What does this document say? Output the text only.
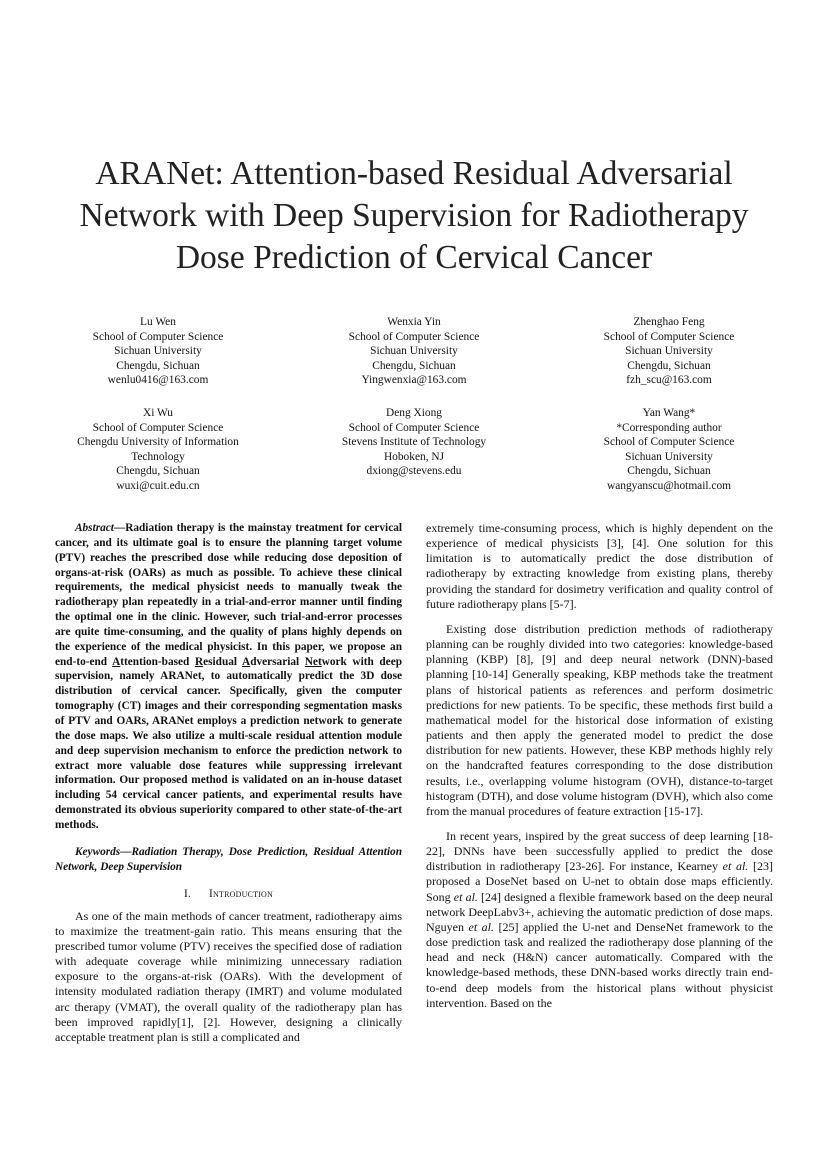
ARANet: Attention-based Residual Adversarial Network with Deep Supervision for Radiotherapy Dose Prediction of Cervical Cancer
Lu Wen
School of Computer Science
Sichuan University
Chengdu, Sichuan
wenlu0416@163.com
Wenxia Yin
School of Computer Science
Sichuan University
Chengdu, Sichuan
Yingwenxia@163.com
Zhenghao Feng
School of Computer Science
Sichuan University
Chengdu, Sichuan
fzh_scu@163.com
Xi Wu
School of Computer Science
Chengdu University of Information
Technology
Chengdu, Sichuan
wuxi@cuit.edu.cn
Deng Xiong
School of Computer Science
Stevens Institute of Technology
Hoboken, NJ
dxiong@stevens.edu
Yan Wang*
*Corresponding author
School of Computer Science
Sichuan University
Chengdu, Sichuan
wangyanscu@hotmail.com

Abstract—Radiation therapy is the mainstay treatment for cervical cancer, and its ultimate goal is to ensure the planning target volume (PTV) reaches the prescribed dose while reducing dose deposition of organs-at-risk (OARs) as much as possible. To achieve these clinical requirements, the medical physicist needs to manually tweak the radiotherapy plan repeatedly in a trial-and-error manner until finding the optimal one in the clinic. However, such trial-and-error processes are quite time-consuming, and the quality of plans highly depends on the experience of the medical physicist. In this paper, we propose an end-to-end Attention-based Residual Adversarial Network with deep supervision, namely ARANet, to automatically predict the 3D dose distribution of cervical cancer. Specifically, given the computer tomography (CT) images and their corresponding segmentation masks of PTV and OARs, ARANet employs a prediction network to generate the dose maps. We also utilize a multi-scale residual attention module and deep supervision mechanism to enforce the prediction network to extract more valuable dose features while suppressing irrelevant information. Our proposed method is validated on an in-house dataset including 54 cervical cancer patients, and experimental results have demonstrated its obvious superiority compared to other state-of-the-art methods.

Keywords—Radiation Therapy, Dose Prediction, Residual Attention Network, Deep Supervision

I. Introduction

As one of the main methods of cancer treatment, radiotherapy aims to maximize the treatment-gain ratio. This means ensuring that the prescribed tumor volume (PTV) receives the specified dose of radiation with adequate coverage while minimizing unnecessary radiation exposure to the organs-at-risk (OARs). With the development of intensity modulated radiation therapy (IMRT) and volume modulated arc therapy (VMAT), the overall quality of the radiotherapy plan has been improved rapidly[1], [2]. However, designing a clinically acceptable treatment plan is still a complicated and

extremely time-consuming process, which is highly dependent on the experience of medical physicists [3], [4]. One solution for this limitation is to automatically predict the dose distribution of radiotherapy by extracting knowledge from existing plans, thereby providing the standard for dosimetry verification and quality control of future radiotherapy plans [5-7].

Existing dose distribution prediction methods of radiotherapy planning can be roughly divided into two categories: knowledge-based planning (KBP) [8], [9] and deep neural network (DNN)-based planning [10-14] Generally speaking, KBP methods take the treatment plans of historical patients as references and perform dosimetric predictions for new patients. To be specific, these methods first build a mathematical model for the historical dose information of existing patients and then apply the generated model to predict the dose distribution for new patients. However, these KBP methods highly rely on the handcrafted features corresponding to the dose distribution results, i.e., overlapping volume histogram (OVH), distance-to-target histogram (DTH), and dose volume histogram (DVH), which also come from the manual procedures of feature extraction [15-17].

In recent years, inspired by the great success of deep learning [18-22], DNNs have been successfully applied to predict the dose distribution in radiotherapy [23-26]. For instance, Kearney et al. [23] proposed a DoseNet based on U-net to obtain dose maps efficiently. Song et al. [24] designed a flexible framework based on the deep neural network DeepLabv3+, achieving the automatic prediction of dose maps. Nguyen et al. [25] applied the U-net and DenseNet framework to the dose prediction task and realized the radiotherapy dose planning of the head and neck (H&N) cancer automatically. Compared with the knowledge-based methods, these DNN-based works directly train end-to-end deep models from the historical plans without physicist intervention. Based on the
